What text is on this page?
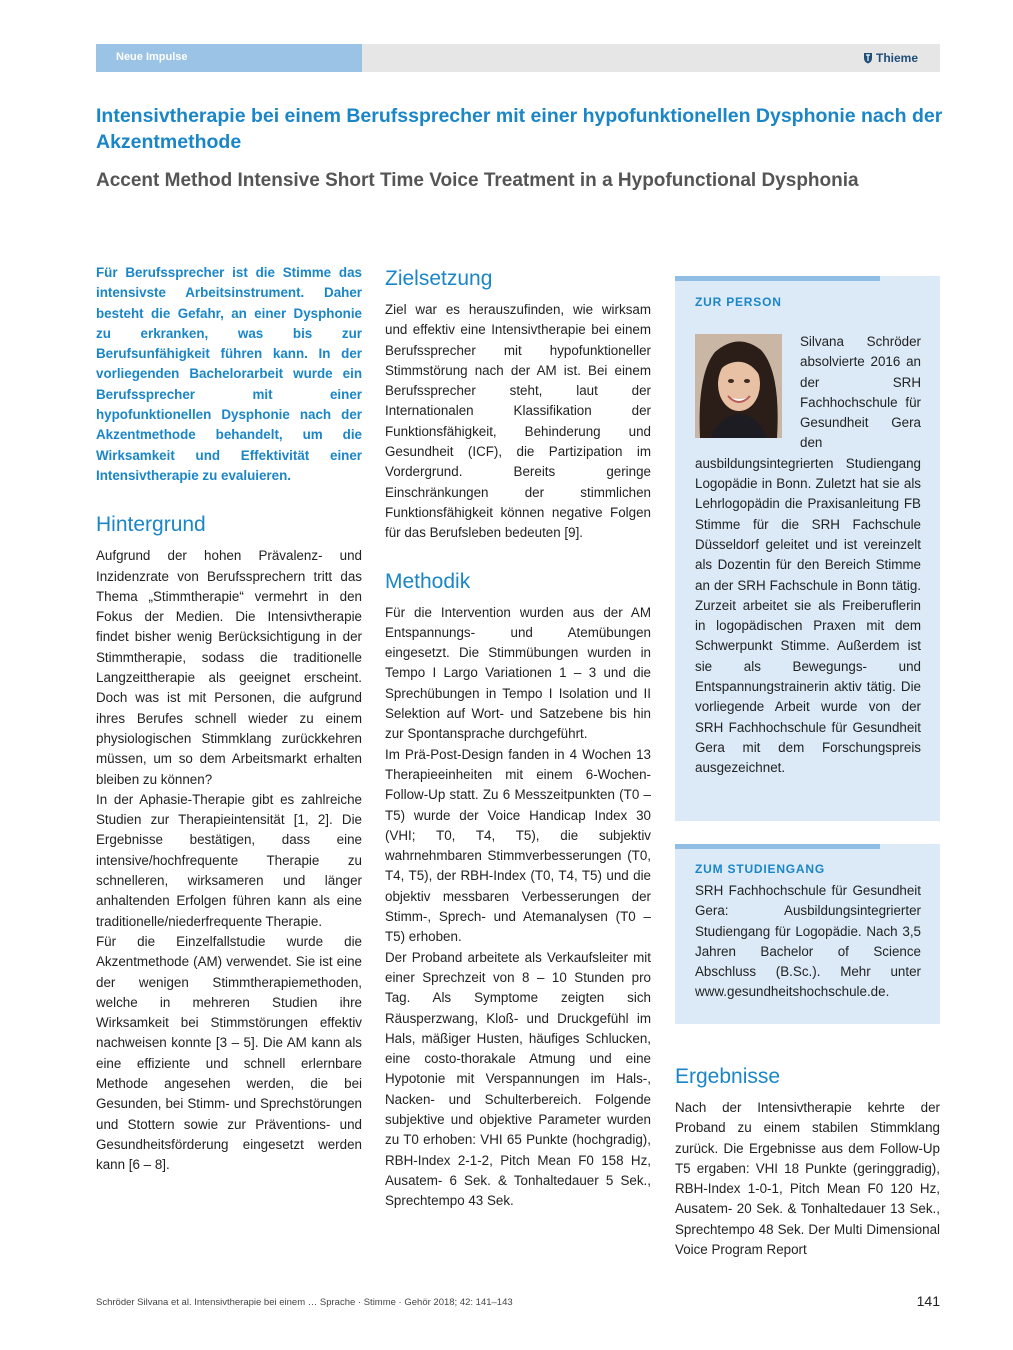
Neue Impulse	Thieme
Intensivtherapie bei einem Berufssprecher mit einer hypofunktionellen Dysphonie nach der Akzentmethode
Accent Method Intensive Short Time Voice Treatment in a Hypofunctional Dysphonia

Für Berufssprecher ist die Stimme das intensivste Arbeitsinstrument. Daher besteht die Gefahr, an einer Dysphonie zu erkranken, was bis zur Berufsunfähigkeit führen kann. In der vorliegenden Bachelorarbeit wurde ein Berufssprecher mit einer hypofunktionellen Dysphonie nach der Akzentmethode behandelt, um die Wirksamkeit und Effektivität einer Intensivtherapie zu evaluieren.

Hintergrund

Aufgrund der hohen Prävalenz- und Inzidenzrate von Berufssprechern tritt das Thema „Stimmtherapie“ vermehrt in den Fokus der Medien. Die Intensivtherapie findet bisher wenig Berücksichtigung in der Stimmtherapie, sodass die traditionelle Langzeittherapie als geeignet erscheint. Doch was ist mit Personen, die aufgrund ihres Berufes schnell wieder zu einem physiologischen Stimmklang zurückkehren müssen, um so dem Arbeitsmarkt erhalten bleiben zu können?

In der Aphasie-Therapie gibt es zahlreiche Studien zur Therapieintensität [1, 2]. Die Ergebnisse bestätigen, dass eine intensive/hochfrequente Therapie zu schnelleren, wirksameren und länger anhaltenden Erfolgen führen kann als eine traditionelle/niederfrequente Therapie.

Für die Einzelfallstudie wurde die Akzentmethode (AM) verwendet. Sie ist eine der wenigen Stimmtherapiemethoden, welche in mehreren Studien ihre Wirksamkeit bei Stimmstörungen effektiv nachweisen konnte [3 – 5]. Die AM kann als eine effiziente und schnell erlernbare Methode angesehen werden, die bei Gesunden, bei Stimm- und Sprechstörungen und Stottern sowie zur Präventions- und Gesundheitsförderung eingesetzt werden kann [6 – 8].

Zielsetzung

Ziel war es herauszufinden, wie wirksam und effektiv eine Intensivtherapie bei einem Berufssprecher mit hypofunktioneller Stimmstörung nach der AM ist. Bei einem Berufssprecher steht, laut der Internationalen Klassifikation der Funktionsfähigkeit, Behinderung und Gesundheit (ICF), die Partizipation im Vordergrund. Bereits geringe Einschränkungen der stimmlichen Funktionsfähigkeit können negative Folgen für das Berufsleben bedeuten [9].

Methodik

Für die Intervention wurden aus der AM Entspannungs- und Atemübungen eingesetzt. Die Stimmübungen wurden in Tempo I Largo Variationen 1 – 3 und die Sprechübungen in Tempo I Isolation und II Selektion auf Wort- und Satzebene bis hin zur Spontansprache durchgeführt.

Im Prä-Post-Design fanden in 4 Wochen 13 Therapieeinheiten mit einem 6-Wochen-Follow-Up statt. Zu 6 Messzeitpunkten (T0 – T5) wurde der Voice Handicap Index 30 (VHI; T0, T4, T5), die subjektiv wahrnehmbaren Stimmverbesserungen (T0, T4, T5), der RBH-Index (T0, T4, T5) und die objektiv messbaren Verbesserungen der Stimm-, Sprech- und Atemanalysen (T0 – T5) erhoben.

Der Proband arbeitete als Verkaufsleiter mit einer Sprechzeit von 8 – 10 Stunden pro Tag. Als Symptome zeigten sich Räusperzwang, Kloß- und Druckgefühl im Hals, mäßiger Husten, häufiges Schlucken, eine costo-thorakale Atmung und eine Hypotonie mit Verspannungen im Hals-, Nacken- und Schulterbereich. Folgende subjektive und objektive Parameter wurden zu T0 erhoben: VHI 65 Punkte (hochgradig), RBH-Index 2-1-2, Pitch Mean F0 158 Hz, Ausatem- 6 Sek. & Tonhaltedauer 5 Sek., Sprechtempo 43 Sek.

ZUR PERSON
Silvana Schröder absolvierte 2016 an der SRH Fachhochschule für Gesundheit Gera den ausbildungsintegrierten Studiengang Logopädie in Bonn. Zuletzt hat sie als Lehrlogopädin die Praxisanleitung FB Stimme für die SRH Fachschule Düsseldorf geleitet und ist vereinzelt als Dozentin für den Bereich Stimme an der SRH Fachschule in Bonn tätig. Zurzeit arbeitet sie als Freiberuflerin in logopädischen Praxen mit dem Schwerpunkt Stimme. Außerdem ist sie als Bewegungs- und Entspannungstrainerin aktiv tätig. Die vorliegende Arbeit wurde von der SRH Fachhochschule für Gesundheit Gera mit dem Forschungspreis ausgezeichnet.
ZUM STUDIENGANG

SRH Fachhochschule für Gesundheit Gera: Ausbildungsintegrierter Studiengang für Logopädie. Nach 3,5 Jahren Bachelor of Science Abschluss (B.Sc.). Mehr unter www.gesundheitshochschule.de.

Ergebnisse

Nach der Intensivtherapie kehrte der Proband zu einem stabilen Stimmklang zurück. Die Ergebnisse aus dem Follow-Up T5 ergaben: VHI 18 Punkte (geringgradig), RBH-Index 1-0-1, Pitch Mean F0 120 Hz, Ausatem- 20 Sek. & Tonhaltedauer 13 Sek., Sprechtempo 48 Sek. Der Multi Dimensional Voice Program Report

Schröder Silvana et al. Intensivtherapie bei einem … Sprache · Stimme · Gehör 2018; 42: 141–143	141
